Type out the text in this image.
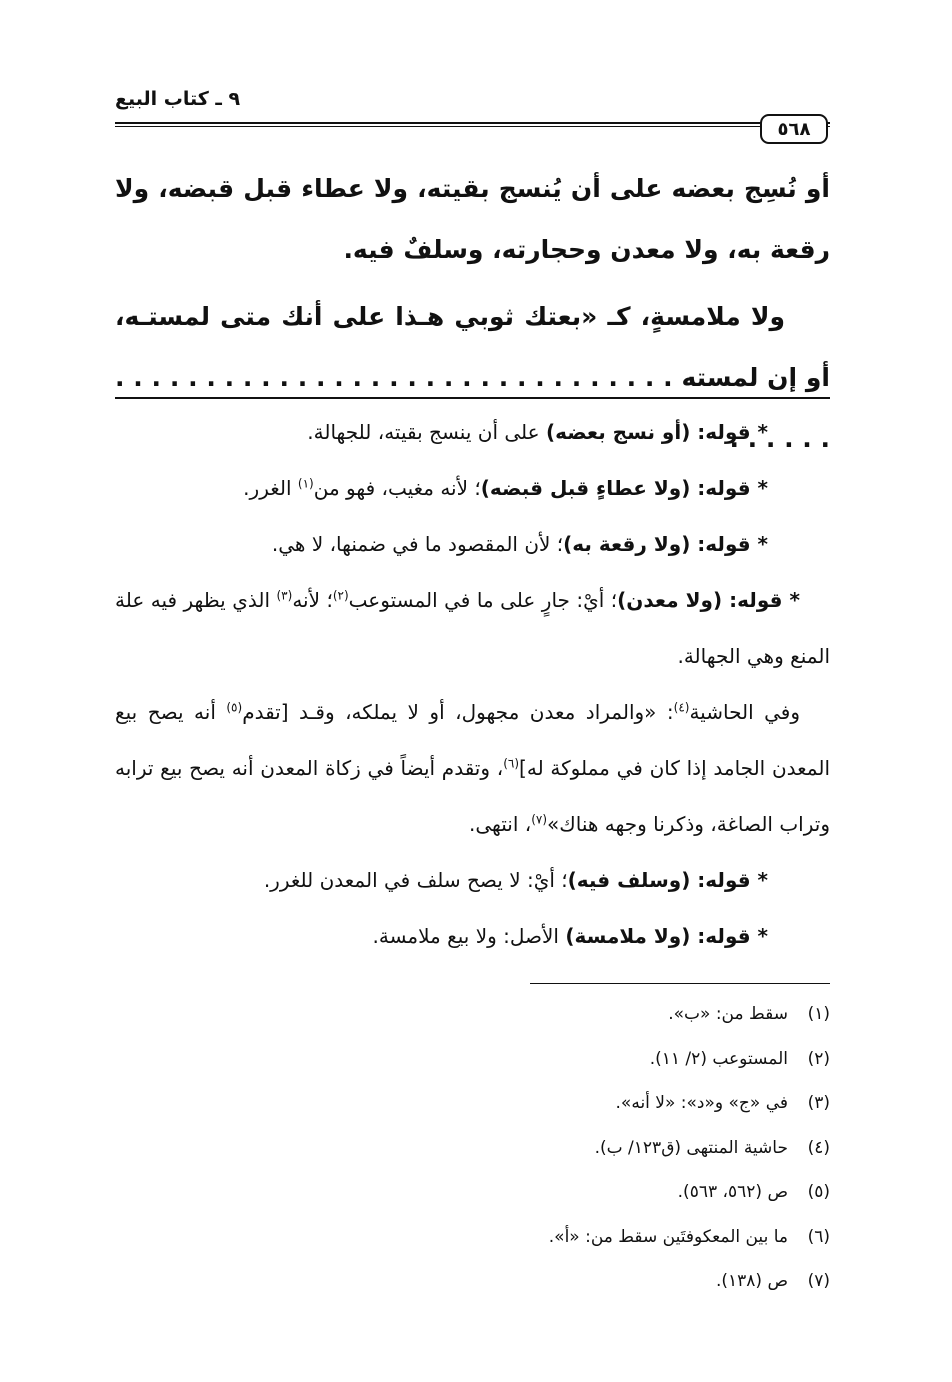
٩ ـ كتاب البيع
٥٦٨

أو نُسِج بعضه على أن يُنسج بقيته، ولا عطاء قبل قبضه، ولا رقعة به، ولا معدن وحجارته، وسلفٌ فيه.

ولا ملامسةٍ، كـ «بعتك ثوبي هـذا على أنك متى لمستـه، أو إن لمسته . . . . . . . . . . . . . . . . . . . . . . . . . . . . . . . . . . . . .

* قوله: (أو نسج بعضه) على أن ينسج بقيته، للجهالة.

* قوله: (ولا عطاءٍ قبل قبضه)؛ لأنه مغيب، فهو من$^{(١)}$ الغرر.

* قوله: (ولا رقعة به)؛ لأن المقصود ما في ضمنها، لا هي.

* قوله: (ولا معدن)؛ أيْ: جارٍ على ما في المستوعب$^{(٢)}$؛ لأنه$^{(٣)}$ الذي يظهر فيه علة المنع وهي الجهالة.

وفي الحاشية$^{(٤)}$: «والمراد معدن مجهول، أو لا يملكه، وقـد [تقدم$^{(٥)}$ أنه يصح بيع المعدن الجامد إذا كان في مملوكة له]$^{(٦)}$، وتقدم أيضاً في زكاة المعدن أنه يصح بيع ترابه وتراب الصاغة، وذكرنا وجهه هناك»$^{(٧)}$، انتهى.

* قوله: (وسلف فيه)؛ أيْ: لا يصح سلف في المعدن للغرر.

* قوله: (ولا ملامسة) الأصل: ولا بيع ملامسة.

(١)سقط من: «ب».

(٢)المستوعب (٢/ ١١).

(٣)في «ج» و«د»: «لا أنه».

(٤)حاشية المنتهى (ق١٢٣/ ب).

(٥)ص (٥٦٢، ٥٦٣).

(٦)ما بين المعكوفتَين سقط من: «أ».

(٧)ص (١٣٨).
